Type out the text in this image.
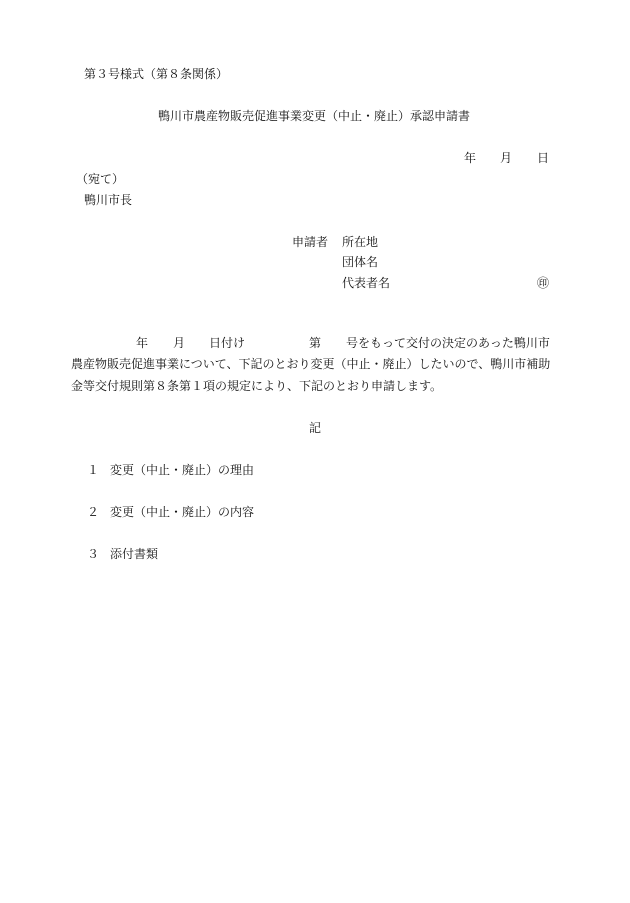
第３号様式（第８条関係）
鴨川市農産物販売促進事業変更（中止・廃止）承認申請書
年 月 日
（宛て）
鴨川市長
申請者 所在地
団体名
代表者名	㊞
年 月 日付け	第 号をもって交付の決定のあった鴨川市
農産物販売促進事業について、下記のとおり変更（中止・廃止）したいので、鴨川市補助
金等交付規則第８条第１項の規定により、下記のとおり申請します。
記
１ 変更（中止・廃止）の理由
２ 変更（中止・廃止）の内容
３ 添付書類
